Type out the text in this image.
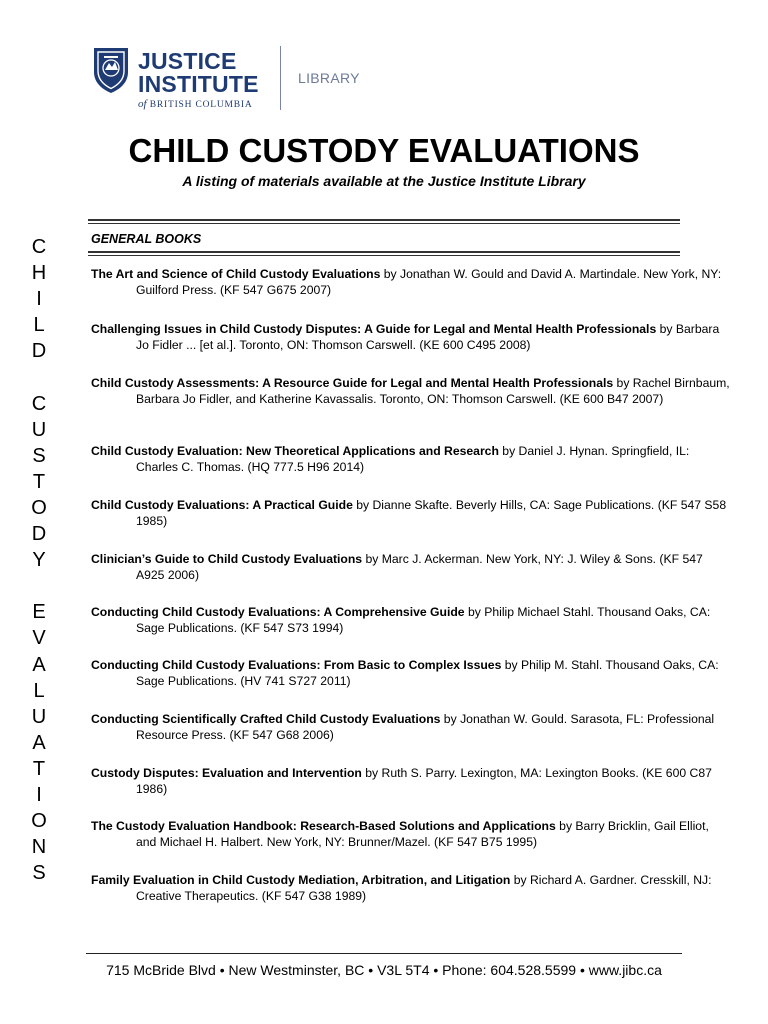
JUSTICE
INSTITUTE
of BRITISH COLUMBIA
LIBRARY
CHILD CUSTODY EVALUATIONS
A listing of materials available at the Justice Institute Library
GENERAL BOOKS
C
H
I
L
D
C
U
S
T
O
D
Y
E
V
A
L
U
A
T
I
O
N
S

The Art and Science of Child Custody Evaluations by Jonathan W. Gould and David A. Martindale. New York, NY: Guilford Press. (KF 547 G675 2007)

Challenging Issues in Child Custody Disputes: A Guide for Legal and Mental Health Professionals by Barbara Jo Fidler ... [et al.]. Toronto, ON: Thomson Carswell. (KE 600 C495 2008)

Child Custody Assessments: A Resource Guide for Legal and Mental Health Professionals by Rachel Birnbaum, Barbara Jo Fidler, and Katherine Kavassalis. Toronto, ON: Thomson Carswell. (KE 600 B47 2007)

Child Custody Evaluation: New Theoretical Applications and Research by Daniel J. Hynan. Springfield, IL: Charles C. Thomas. (HQ 777.5 H96 2014)

Child Custody Evaluations: A Practical Guide by Dianne Skafte. Beverly Hills, CA: Sage Publications. (KF 547 S58 1985)

Clinician’s Guide to Child Custody Evaluations by Marc J. Ackerman. New York, NY: J. Wiley & Sons. (KF 547 A925 2006)

Conducting Child Custody Evaluations: A Comprehensive Guide by Philip Michael Stahl. Thousand Oaks, CA: Sage Publications. (KF 547 S73 1994)

Conducting Child Custody Evaluations: From Basic to Complex Issues by Philip M. Stahl. Thousand Oaks, CA: Sage Publications. (HV 741 S727 2011)

Conducting Scientifically Crafted Child Custody Evaluations by Jonathan W. Gould. Sarasota, FL: Professional Resource Press. (KF 547 G68 2006)

Custody Disputes: Evaluation and Intervention by Ruth S. Parry. Lexington, MA: Lexington Books. (KE 600 C87 1986)

The Custody Evaluation Handbook: Research-Based Solutions and Applications by Barry Bricklin, Gail Elliot, and Michael H. Halbert. New York, NY: Brunner/Mazel. (KF 547 B75 1995)

Family Evaluation in Child Custody Mediation, Arbitration, and Litigation by Richard A. Gardner. Cresskill, NJ: Creative Therapeutics. (KF 547 G38 1989)

715 McBride Blvd • New Westminster, BC • V3L 5T4 • Phone: 604.528.5599 • www.jibc.ca
